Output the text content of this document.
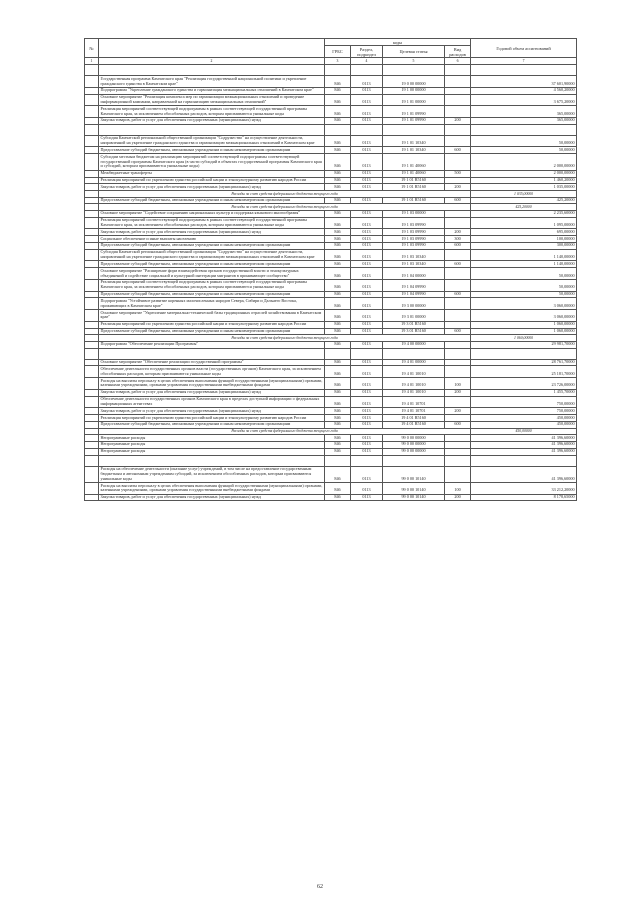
№		коды				Годовой объем ассигнований
		ГРБС	Раздел, подраздел	Целевая статья	Вид расходов	
1	2	3	4	5	6	7

	Государственная программа Камчатского края "Реализация государственной национальной политики и укрепление гражданского единства в Камчатском крае"	846	0113	19 0 00 00000		37 601,90000
	Подпрограмма "Укрепление гражданского единства и гармонизация межнациональных отношений в Камчатском крае"	846	0113	19 1 00 00000		4 560,20000
	Основное мероприятие "Реализация комплекса мер по гармонизации межнациональных отношений и проведение информационной кампании, направленной на гармонизацию межнациональных отношений"	846	0113	19 1 01 00000		3 675,20000
	Реализация мероприятий соответствующей подпрограммы в рамках соответствующей государственной программы Камчатского края, за исключением обособленных расходов, которым присваиваются уникальные коды	846	0113	19 1 01 09990		365,00000
	Закупка товаров, работ и услуг для обеспечения государственных (муниципальных) нужд	846	0113	19 1 01 09990	200	365,00000

	Субсидия Камчатской региональной общественной организации "Содружество" на осуществление деятельности, направленной на укрепление гражданского единства и гармонизацию межнациональных отношений в Камчатском крае	846	0113	19 1 01 10340		50,00000
	Предоставление субсидий бюджетным, автономным учреждениям и иным некоммерческим организациям	846	0113	19 1 01 10340	600	50,00000
	Субсидии местным бюджетам на реализацию мероприятий соответствующей подпрограммы соответствующей государственной программы Камчатского края (в части субсидий в объектах государственной программы Камчатского края и субсидий, которым присваиваются уникальные коды)	846	0113	19 1 01 40060		2 000,00000
	Межбюджетные трансферты	846	0113	19 1 01 40060	500	2 000,00000
	Реализация мероприятий по укреплению единства российской нации и этнокультурному развитию народов России	846	0113	19 1 01 R5160		1 460,20000
	Закупка товаров, работ и услуг для обеспечения государственных (муниципальных) нужд	846	0113	19 1 01 R5160	200	1 035,00000
	Расходы за счет средств федерального бюджета текущего года					1 035,00000
	Предоставление субсидий бюджетным, автономным учреждениям и иным некоммерческим организациям	846	0113	19 1 01 R5160	600	425,20000
	Расходы за счет средств федерального бюджета текущего года					425,20000
	Основное мероприятие "Содействие сохранению национальных культур и поддержка языкового многообразия"	846	0113	19 1 03 00000		2 235,60000
	Реализация мероприятий соответствующей подпрограммы в рамках соответствующей государственной программы Камчатского края, за исключением обособленных расходов, которым присваиваются уникальные коды	846	0113	19 1 03 09990		1 095,00000
	Закупка товаров, работ и услуг для обеспечения государственных (муниципальных) нужд	846	0113	19 1 03 09990	200	695,00000
	Социальное обеспечение и иные выплаты населению	846	0113	19 1 03 09990	300	100,00000
	Предоставление субсидий бюджетным, автономным учреждениям и иным некоммерческим организациям	846	0113	19 1 03 09990	600	300,00000
	Субсидия Камчатской региональной общественной организации "Содружество" на осуществление деятельности, направленной на укрепление гражданского единства и гармонизацию межнациональных отношений в Камчатском крае	846	0113	19 1 03 10340		1 140,00000
	Предоставление субсидий бюджетным, автономным учреждениям и иным некоммерческим организациям	846	0113	19 1 03 10340	600	1 140,00000
	Основное мероприятие "Расширение форм взаимодействия органов государственной власти и этнокультурных объединений и содействие социальной и культурной интеграции мигрантов в принимающее сообщество"	846	0113	19 1 04 00000		50,00000
	Реализация мероприятий соответствующей подпрограммы в рамках соответствующей государственной программы Камчатского края, за исключением обособленных расходов, которым присваиваются уникальные коды	846	0113	19 1 04 09990		50,00000
	Предоставление субсидий бюджетным, автономным учреждениям и иным некоммерческим организациям	846	0113	19 1 04 09990	600	50,00000
	Подпрограмма "Устойчивое развитие коренных малочисленных народов Севера, Сибири и Дальнего Востока, проживающих в Камчатском крае"	846	0113	19 3 00 00000		3 060,00000
	Основное мероприятие "Укрепление материально-технической базы традиционных отраслей хозяйствования в Камчатском крае"	846	0113	19 3 01 00000		3 060,00000
	Реализация мероприятий по укреплению единства российской нации и этнокультурному развитию народов России	846	0113	19 3 01 R5160		1 060,00000
	Предоставление субсидий бюджетным, автономным учреждениям и иным некоммерческим организациям	846	0113	19 3 01 R5160	600	1 060,00000
	Расходы за счет средств федерального бюджета текущего года					1 060,00000
	Подпрограмма "Обеспечение реализации Программы"	846	0113	19 4 00 00000		29 981,70000

	Основное мероприятие "Обеспечение реализации государственной программы"	846	0113	19 4 01 00000		28 761,70000
	Обеспечение деятельности государственных органов власти (государственных органов) Камчатского края, за исключением обособленных расходов, которым присваиваются уникальные коды	846	0113	19 4 01 10010		25 181,70000
	Расходы на выплаты персоналу в целях обеспечения выполнения функций государственными (муниципальными) органами, казенными учреждениями, органами управления государственными внебюджетными фондами	846	0113	19 4 01 10010	100	23 726,00000
	Закупка товаров, работ и услуг для обеспечения государственных (муниципальных) нужд	846	0113	19 4 01 10010	200	1 455,70000
	Обеспечение деятельности государственных органов Камчатского края в пределах доступной информации о федеральных информационных агентствах	846	0113	19 4 01 10701		750,00000
	Закупка товаров, работ и услуг для обеспечения государственных (муниципальных) нужд	846	0113	19 4 01 10701	200	750,00000
	Реализация мероприятий по укреплению единства российской нации и этнокультурному развитию народов России	846	0113	19 4 01 R5160		450,00000
	Предоставление субсидий бюджетным, автономным учреждениям и иным некоммерческим организациям	846	0113	19 4 01 R5160	600	450,00000
	Расходы за счет средств федерального бюджета текущего года					450,00000
	Непрограммные расходы	846	0113	99 0 00 00000		41 396,60000
	Непрограммные расходы	846	0113	99 0 00 00000		41 396,60000
	Непрограммные расходы	846	0113	99 0 00 00000		41 396,60000

	Расходы на обеспечение деятельности (оказание услуг) учреждений, в том числе на предоставление государственным бюджетным и автономным учреждениям субсидий, за исключением обособленных расходов, которым присваиваются уникальные коды	846	0113	99 0 00 10140		41 396,60000
	Расходы на выплаты персоналу в целях обеспечения выполнения функций государственными (муниципальными) органами, казенными учреждениями, органами управления государственными внебюджетными фондами	846	0113	99 0 00 10140	100	33 212,20000
	Закупка товаров, работ и услуг для обеспечения государственных (муниципальных) нужд	846	0113	99 0 00 10140	200	8 178,65000
62
